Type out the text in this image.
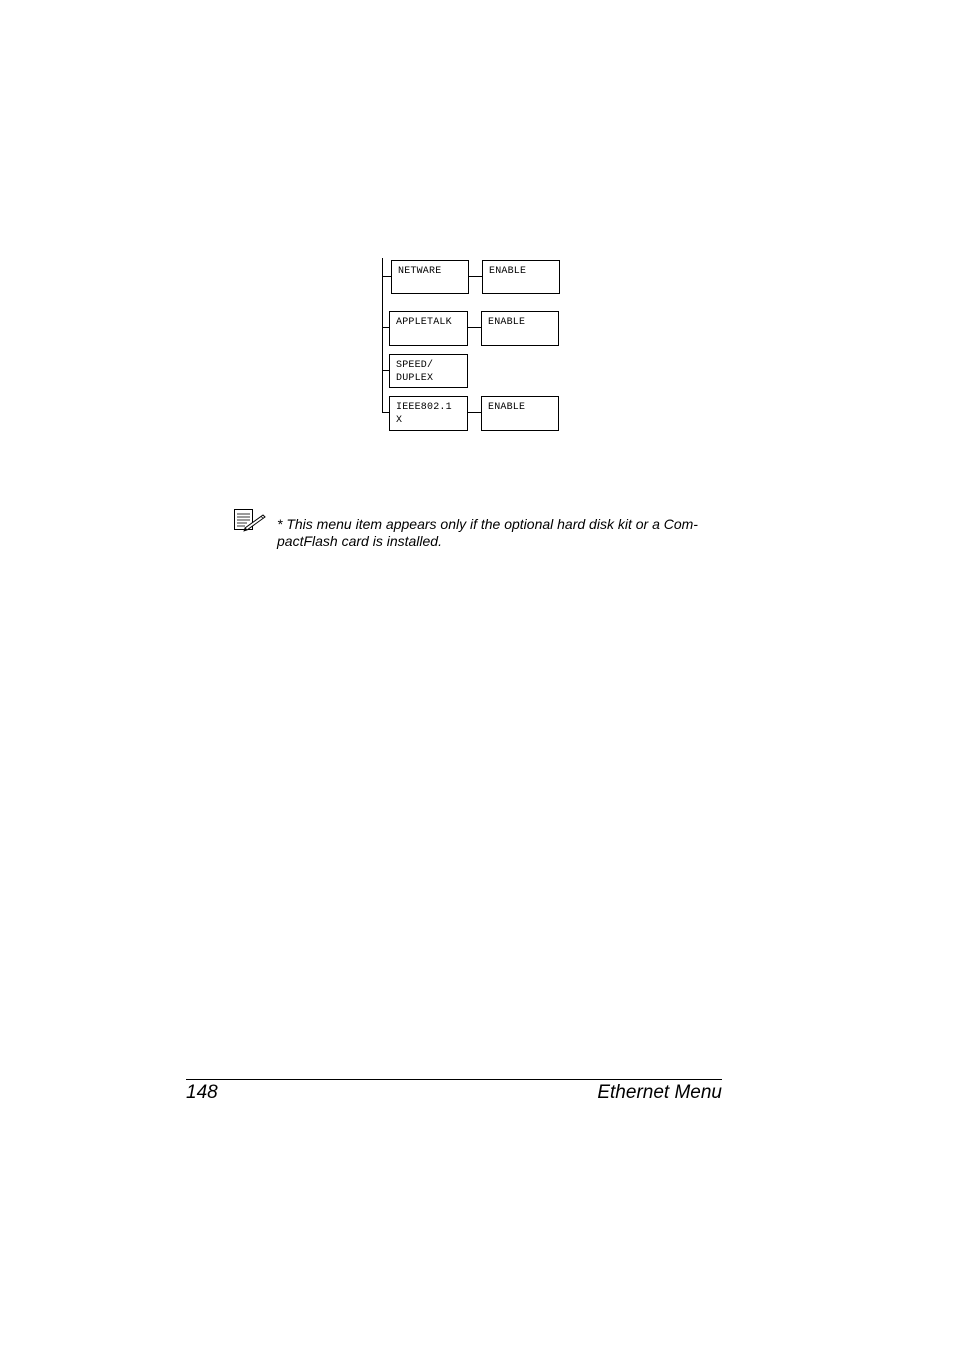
NETWARE	ENABLE
APPLETALK	ENABLE
SPEED/
DUPLEX
IEEE802.1
X
ENABLE
* This menu item appears only if the optional hard disk kit or a Com-
pactFlash card is installed.
148	Ethernet Menu
